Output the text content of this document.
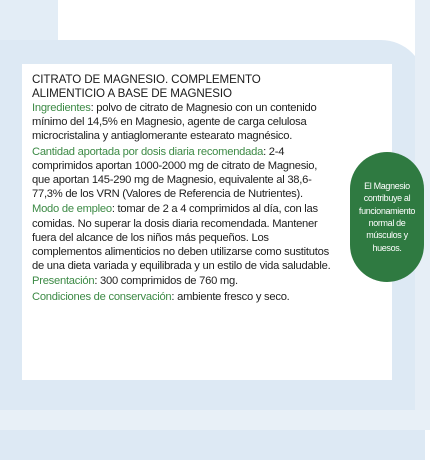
CITRATO DE MAGNESIO. COMPLEMENTO
ALIMENTICIO A BASE DE MAGNESIO

Ingredientes: polvo de citrato de Magnesio con un contenido mínimo del 14,5% en Magnesio, agente de carga celulosa microcristalina y antiaglomerante estearato magnésico.

Cantidad aportada por dosis diaria recomendada: 2-4 comprimidos aportan 1000-2000 mg de citrato de Magnesio, que aportan 145-290 mg de Magnesio, equivalente al 38,6-77,3% de los VRN (Valores de Referencia de Nutrientes).

Modo de empleo: tomar de 2 a 4 comprimidos al día, con las comidas. No superar la dosis diaria recomendada. Mantener fuera del alcance de los niños más pequeños. Los complementos alimenticios no deben utilizarse como sustitutos de una dieta variada y equilibrada y un estilo de vida saludable.

Presentación: 300 comprimidos de 760 mg.

Condiciones de conservación: ambiente fresco y seco.

El Magnesio contribuye al funcionamiento normal de músculos y huesos.
